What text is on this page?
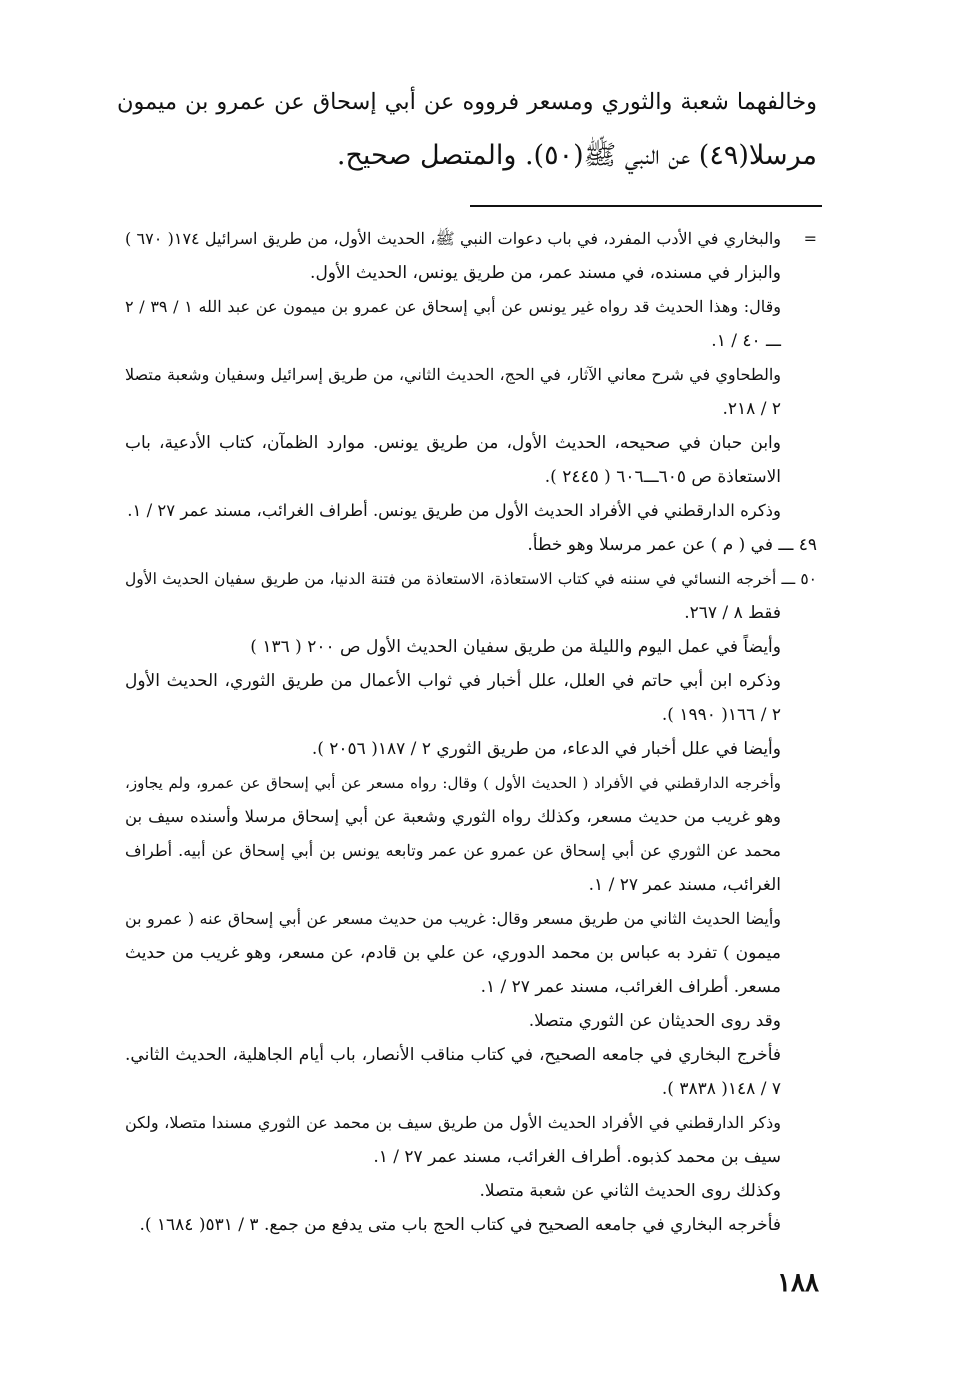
وخالفهما شعبة والثوري ومسعر فرووه عن أبي إسحاق عن عمرو بن ميمون

مرسلا(٤٩) عن النبي ﷺ(٥٠). والمتصل صحيح.

=والبخاري في الأدب المفرد، في باب دعوات النبي ﷺ، الحديث الأول، من طريق اسرائيل ١٧٤( ٦٧٠ )
والبزار في مسنده، في مسند عمر، من طريق يونس، الحديث الأول.
وقال: وهذا الحديث قد رواه غير يونس عن أبي إسحاق عن عمرو بن ميمون عن عبد الله ١ / ٣٩ / ٢
ـــ ٤٠ / ١.
والطحاوي في شرح معاني الآثار، في الحج، الحديث الثاني، من طريق إسرائيل وسفيان وشعبة متصلا
٢ / ٢١٨.
وابن حبان في صحيحه، الحديث الأول، من طريق يونس. موارد الظمآن، كتاب الأدعية، باب
الاستعاذة ص ٦٠٥ـــ٦٠٦ ( ٢٤٤٥ ).
وذكره الدارقطني في الأفراد الحديث الأول من طريق يونس. أطراف الغرائب، مسند عمر ٢٧ / ١.
٤٩ ـــ في ( م ) عن عمر مرسلا وهو خطأ.
٥٠ ـــ أخرجه النسائي في سننه في كتاب الاستعاذة، الاستعاذة من فتنة الدنيا، من طريق سفيان الحديث الأول
فقط ٨ / ٢٦٧.
وأيضاً في عمل اليوم والليلة من طريق سفيان الحديث الأول ص ٢٠٠ ( ١٣٦ )
وذكره ابن أبي حاتم في العلل، علل أخبار في ثواب الأعمال من طريق الثوري، الحديث الأول
٢ / ١٦٦( ١٩٩٠ ).
وأيضا في علل أخبار في الدعاء، من طريق الثوري ٢ / ١٨٧( ٢٠٥٦ ).
وأخرجه الدارقطني في الأفراد ( الحديث الأول ) وقال: رواه مسعر عن أبي إسحاق عن عمرو، ولم يجاوز،
وهو غريب من حديث مسعر، وكذلك رواه الثوري وشعبة عن أبي إسحاق مرسلا وأسنده سيف بن
محمد عن الثوري عن أبي إسحاق عن عمرو عن عمر وتابعه يونس بن أبي إسحاق عن أبيه. أطراف
الغرائب، مسند عمر ٢٧ / ١.
وأيضا الحديث الثاني من طريق مسعر وقال: غريب من حديث مسعر عن أبي إسحاق عنه ( عمرو بن
ميمون ) تفرد به عباس بن محمد الدوري، عن علي بن قادم، عن مسعر، وهو غريب من حديث
مسعر. أطراف الغرائب، مسند عمر ٢٧ / ١.
وقد روى الحديثان عن الثوري متصلا.
فأخرج البخاري في جامعه الصحيح، في كتاب مناقب الأنصار، باب أيام الجاهلية، الحديث الثاني.
٧ / ١٤٨( ٣٨٣٨ ).
وذكر الدارقطني في الأفراد الحديث الأول من طريق سيف بن محمد عن الثوري مسندا متصلا، ولكن
سيف بن محمد كذبوه. أطراف الغرائب، مسند عمر ٢٧ / ١.
وكذلك روى الحديث الثاني عن شعبة متصلا.
فأخرجه البخاري في جامعه الصحيح في كتاب الحج باب متى يدفع من جمع. ٣ / ٥٣١( ١٦٨٤ ).
١٨٨
